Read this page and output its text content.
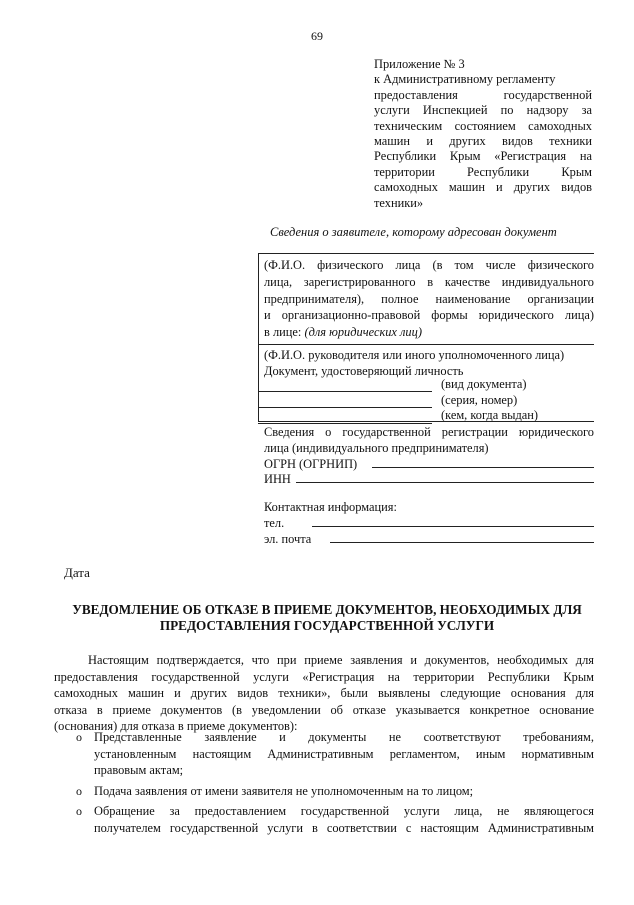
69
Приложение № 3
к Административному регламенту
предоставления государственной
услуги Инспекцией по надзору за
техническим состоянием самоходных
машин и других видов техники
Республики Крым «Регистрация на
территории Республики Крым
самоходных машин и других видов
техники»
Сведения о заявителе, которому адресован документ
(Ф.И.О. физического лица (в том числе физического
лица, зарегистрированного в качестве индивидуального
предпринимателя), полное наименование организации
и организационно-правовой формы юридического лица)
в лице: (для юридических лиц)
(Ф.И.О. руководителя или иного уполномоченного лица)
Документ, удостоверяющий личность
(вид документа)
(серия, номер)
(кем, когда выдан)
Сведения о государственной регистрации юридического
лица (индивидуального предпринимателя)
ОГРН (ОГРНИП)
ИНН
Контактная информация:
тел.
эл. почта
Дата
УВЕДОМЛЕНИЕ ОБ ОТКАЗЕ В ПРИЕМЕ ДОКУМЕНТОВ, НЕОБХОДИМЫХ ДЛЯ
ПРЕДОСТАВЛЕНИЯ ГОСУДАРСТВЕННОЙ УСЛУГИ
Настоящим подтверждается, что при приеме заявления и документов, необходимых для
предоставления государственной услуги «Регистрация на территории Республики Крым
самоходных машин и других видов техники», были выявлены следующие основания для
отказа в приеме документов (в уведомлении об отказе указывается конкретное основание
(основания) для отказа в приеме документов):
o Представленные заявление и документы не соответствуют требованиям,
установленным настоящим Административным регламентом, иным нормативным
правовым актам;
o Подача заявления от имени заявителя не уполномоченным на то лицом;
o Обращение за предоставлением государственной услуги лица, не являющегося
получателем государственной услуги в соответствии с настоящим Административным
